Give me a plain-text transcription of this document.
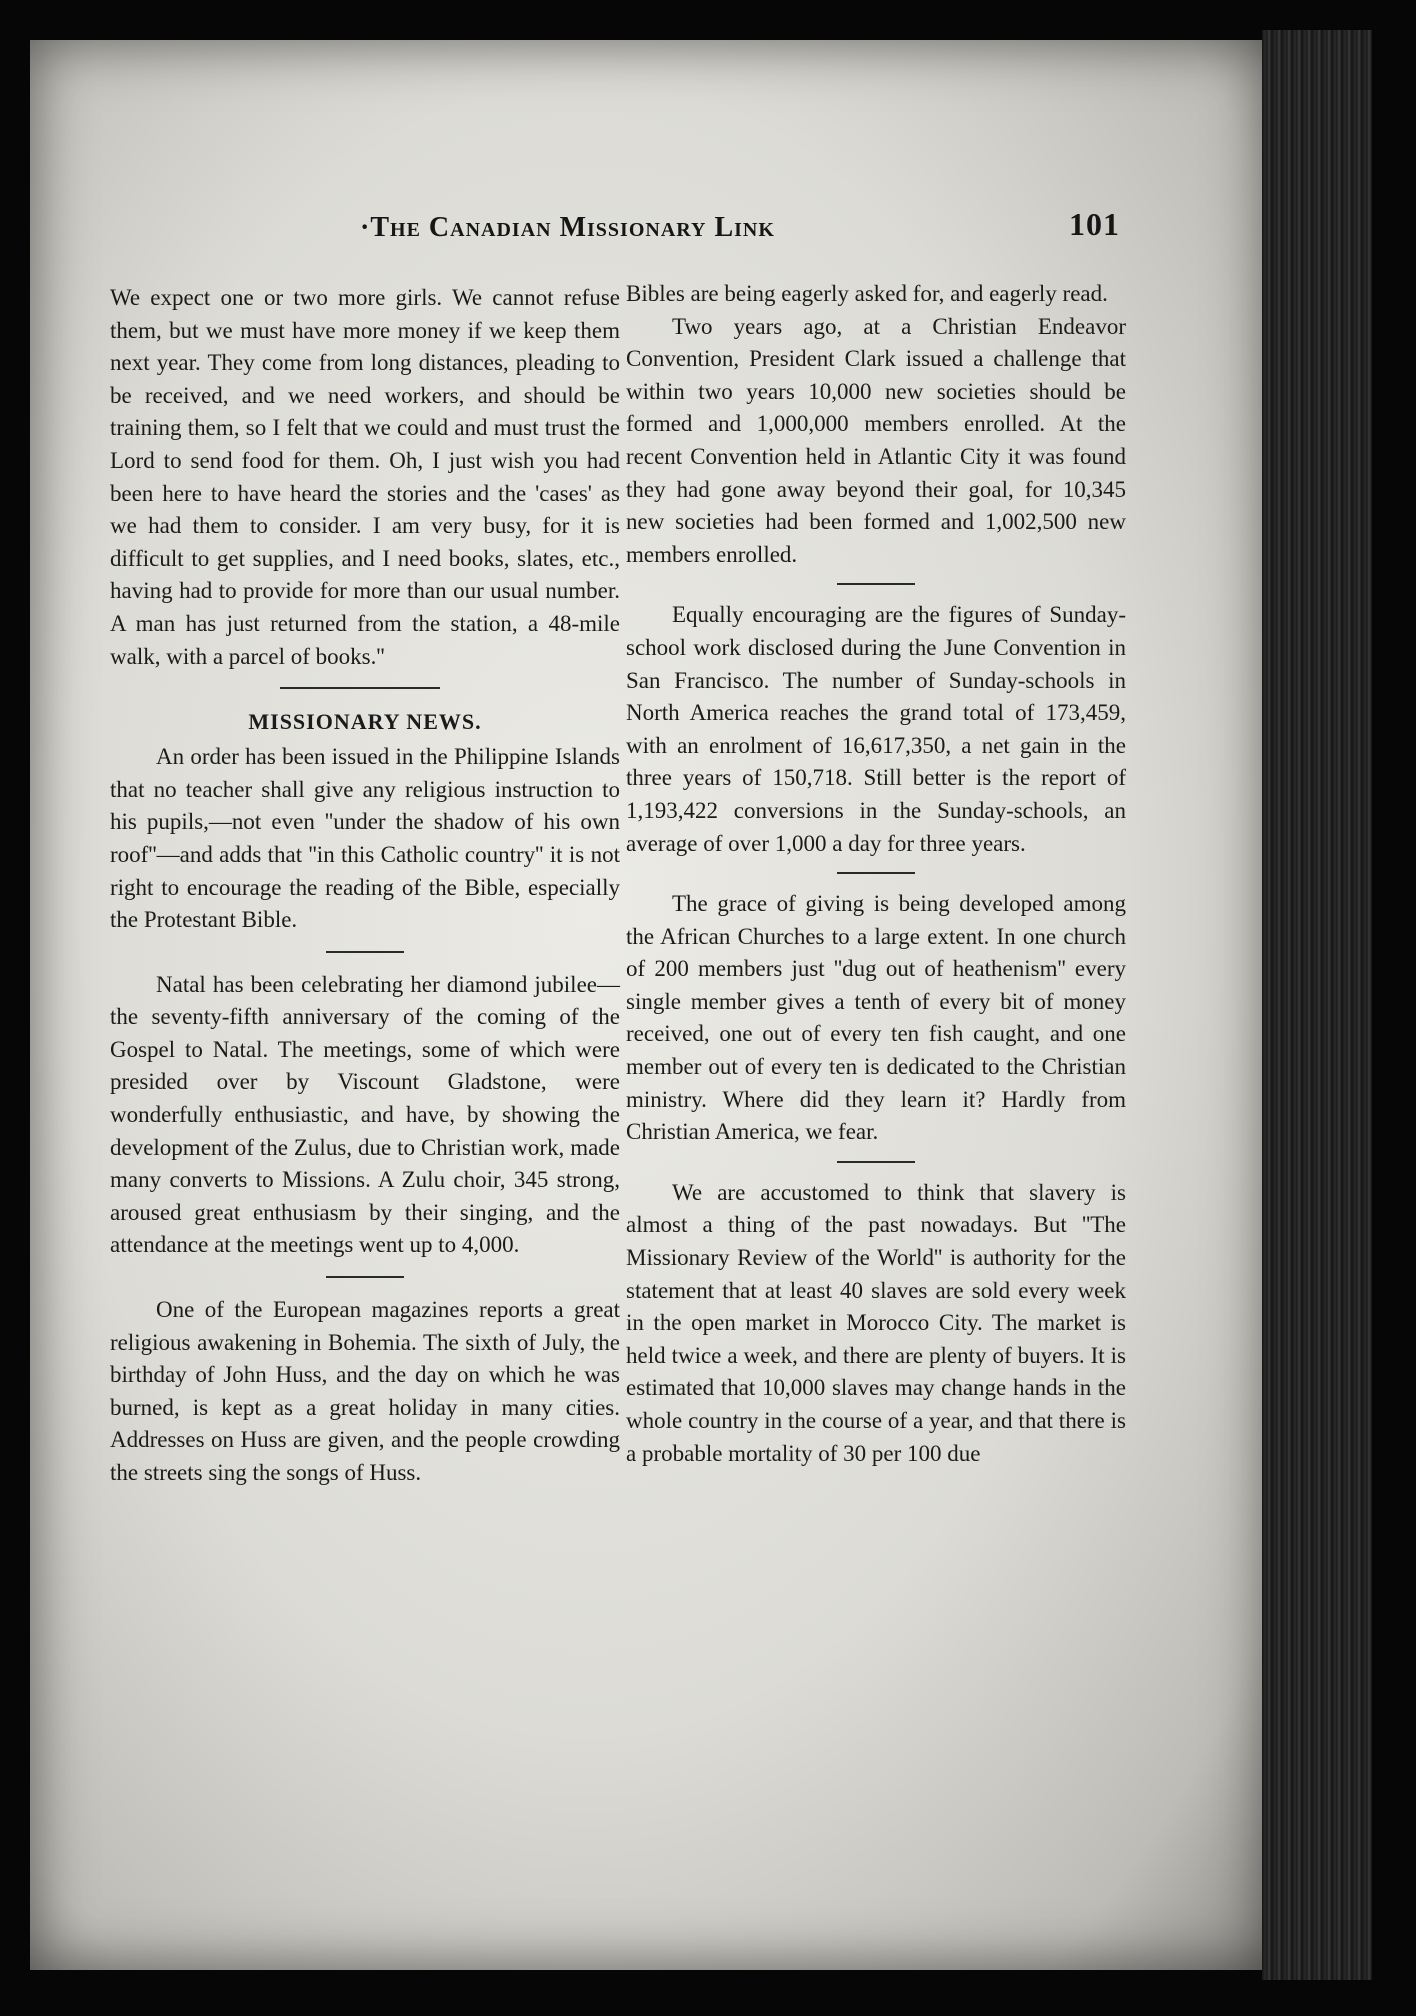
·The Canadian Missionary Link	101

We expect one or two more girls. We cannot refuse them, but we must have more money if we keep them next year. They come from long distances, pleading to be received, and we need workers, and should be training them, so I felt that we could and must trust the Lord to send food for them. Oh, I just wish you had been here to have heard the stories and the 'cases' as we had them to consider. I am very busy, for it is difficult to get supplies, and I need books, slates, etc., having had to provide for more than our usual number. A man has just returned from the station, a 48-mile walk, with a parcel of books.''

MISSIONARY NEWS.

An order has been issued in the Philippine Islands that no teacher shall give any religious instruction to his pupils,—not even ''under the shadow of his own roof''—and adds that ''in this Catholic country'' it is not right to encourage the reading of the Bible, especially the Protestant Bible.

Natal has been celebrating her diamond jubilee—the seventy-fifth anniversary of the coming of the Gospel to Natal. The meetings, some of which were presided over by Viscount Gladstone, were wonderfully enthusiastic, and have, by showing the development of the Zulus, due to Christian work, made many converts to Missions. A Zulu choir, 345 strong, aroused great enthusiasm by their singing, and the attendance at the meetings went up to 4,000.

One of the European magazines reports a great religious awakening in Bohemia. The sixth of July, the birthday of John Huss, and the day on which he was burned, is kept as a great holiday in many cities. Addresses on Huss are given, and the people crowding the streets sing the songs of Huss.

Bibles are being eagerly asked for, and eagerly read.

Two years ago, at a Christian Endeavor Convention, President Clark issued a challenge that within two years 10,000 new societies should be formed and 1,000,000 members enrolled. At the recent Convention held in Atlantic City it was found they had gone away beyond their goal, for 10,345 new societies had been formed and 1,002,500 new members enrolled.

Equally encouraging are the figures of Sunday-school work disclosed during the June Convention in San Francisco. The number of Sunday-schools in North America reaches the grand total of 173,459, with an enrolment of 16,617,350, a net gain in the three years of 150,718. Still better is the report of 1,193,422 conversions in the Sunday-schools, an average of over 1,000 a day for three years.

The grace of giving is being developed among the African Churches to a large extent. In one church of 200 members just ''dug out of heathenism'' every single member gives a tenth of every bit of money received, one out of every ten fish caught, and one member out of every ten is dedicated to the Christian ministry. Where did they learn it? Hardly from Christian America, we fear.

We are accustomed to think that slavery is almost a thing of the past nowadays. But ''The Missionary Review of the World'' is authority for the statement that at least 40 slaves are sold every week in the open market in Morocco City. The market is held twice a week, and there are plenty of buyers. It is estimated that 10,000 slaves may change hands in the whole country in the course of a year, and that there is a probable mortality of 30 per 100 due
